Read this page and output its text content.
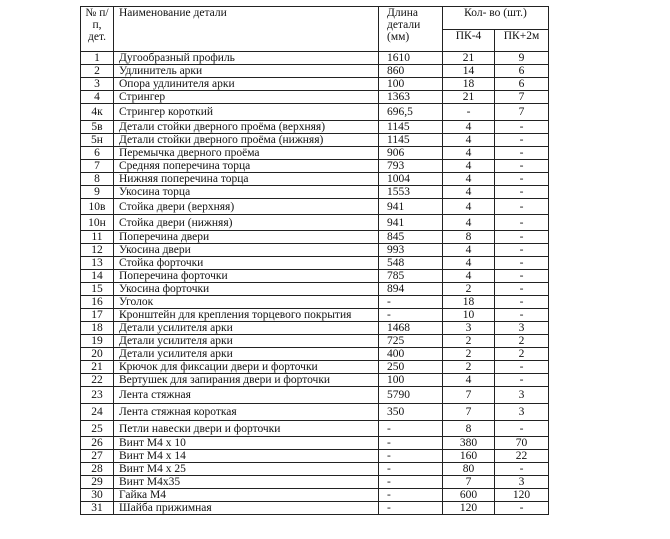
№ п/п, дет.	Наименование детали	Длина детали (мм)	Кол- во (шт.)	
			ПК-4	ПК+2м
1	Дугообразный профиль	1610	21	9
2	Удлинитель арки	860	14	6
3	Опора удлинителя арки	100	18	6
4	Стрингер	1363	21	7
4к	Стрингер короткий	696,5	-	7
5в	Детали стойки дверного проёма (верхняя)	1145	4	-
5н	Детали стойки дверного проёма (нижняя)	1145	4	-
6	Перемычка дверного проёма	906	4	-
7	Средняя поперечина торца	793	4	-
8	Нижняя поперечина торца	1004	4	-
9	Укосина торца	1553	4	-
10в	Стойка двери (верхняя)	941	4	-
10н	Стойка двери (нижняя)	941	4	-
11	Поперечина двери	845	8	-
12	Укосина двери	993	4	-
13	Стойка форточки	548	4	-
14	Поперечина форточки	785	4	-
15	Укосина форточки	894	2	-
16	Уголок	-	18	-
17	Кронштейн для крепления торцевого покрытия	-	10	-
18	Детали усилителя арки	1468	3	3
19	Детали усилителя арки	725	2	2
20	Детали усилителя арки	400	2	2
21	Крючок для фиксации двери и форточки	250	2	-
22	Вертушек для запирания двери и форточки	100	4	-
23	Лента стяжная	5790	7	3
24	Лента стяжная короткая	350	7	3
25	Петли навески двери и форточки	-	8	-
26	Винт М4 х 10	-	380	70
27	Винт М4 х 14	-	160	22
28	Винт М4 х 25	-	80	-
29	Винт М4х35	-	7	3
30	Гайка М4	-	600	120
31	Шайба прижимная	-	120	-
